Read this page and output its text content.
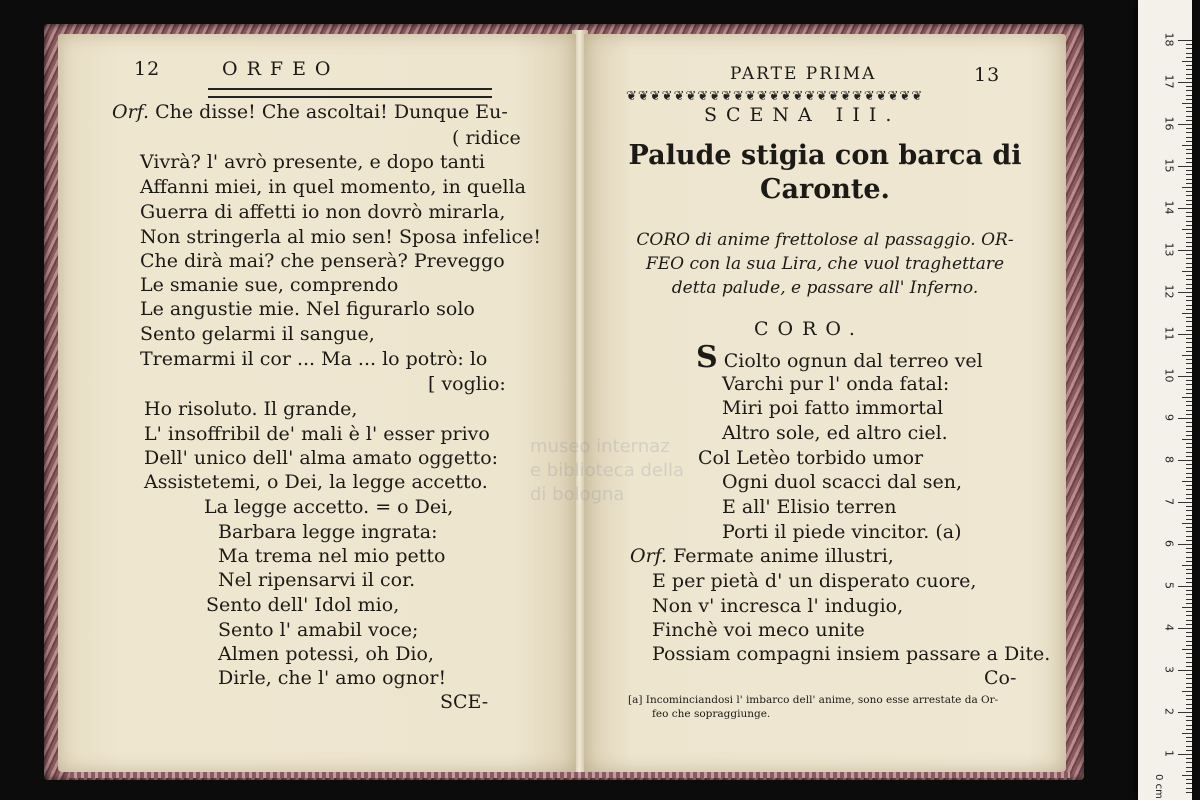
12	ORFEO
Orf. Che disse! Che ascoltai! Dunque Eu-
( ridice
Vivrà? l' avrò presente, e dopo tanti
Affanni miei, in quel momento, in quella
Guerra di affetti io non dovrò mirarla,
Non stringerla al mio sen! Sposa infelice!
Che dirà mai? che penserà? Preveggo
Le smanie sue, comprendo
Le angustie mie. Nel figurarlo solo
Sento gelarmi il sangue,
Tremarmi il cor ... Ma ... lo potrò: lo
[ voglio:
Ho risoluto. Il grande,
L' insoffribil de' mali è l' esser privo
Dell' unico dell' alma amato oggetto:
Assistetemi, o Dei, la legge accetto.
La legge accetto. = o Dei,
Barbara legge ingrata:
Ma trema nel mio petto
Nel ripensarvi il cor.
Sento dell' Idol mio,
Sento l' amabil voce;
Almen potessi, oh Dio,
Dirle, che l' amo ognor!
SCE-
PARTE PRIMA	13
❦❦❦❦❦❦❦❦❦❦❦❦❦❦❦❦❦❦❦❦❦❦❦❦❦
SCENA III.
Palude stigia con barca di
Caronte.
CORO di anime frettolose al passaggio. OR-
FEO con la sua Lira, che vuol traghettare
detta palude, e passare all' Inferno.
CORO.
S Ciolto ognun dal terreo vel
Varchi pur l' onda fatal:
Miri poi fatto immortal
Altro sole, ed altro ciel.
Col Letèo torbido umor
Ogni duol scacci dal sen,
E all' Elisio terren
Porti il piede vincitor. (a)
Orf. Fermate anime illustri,
E per pietà d' un disperato cuore,
Non v' incresca l' indugio,
Finchè voi meco unite
Possiam compagni insiem passare a Dite.
Co-
[a] Incominciandosi l' imbarco dell' anime, sono esse arrestate da Or-
feo che sopraggiunge.
museo internaz
e biblioteca della
di bologna
0 cm
18
17
16
15
14
13
12
11
10
9
8
7
6
5
4
3
2
1
